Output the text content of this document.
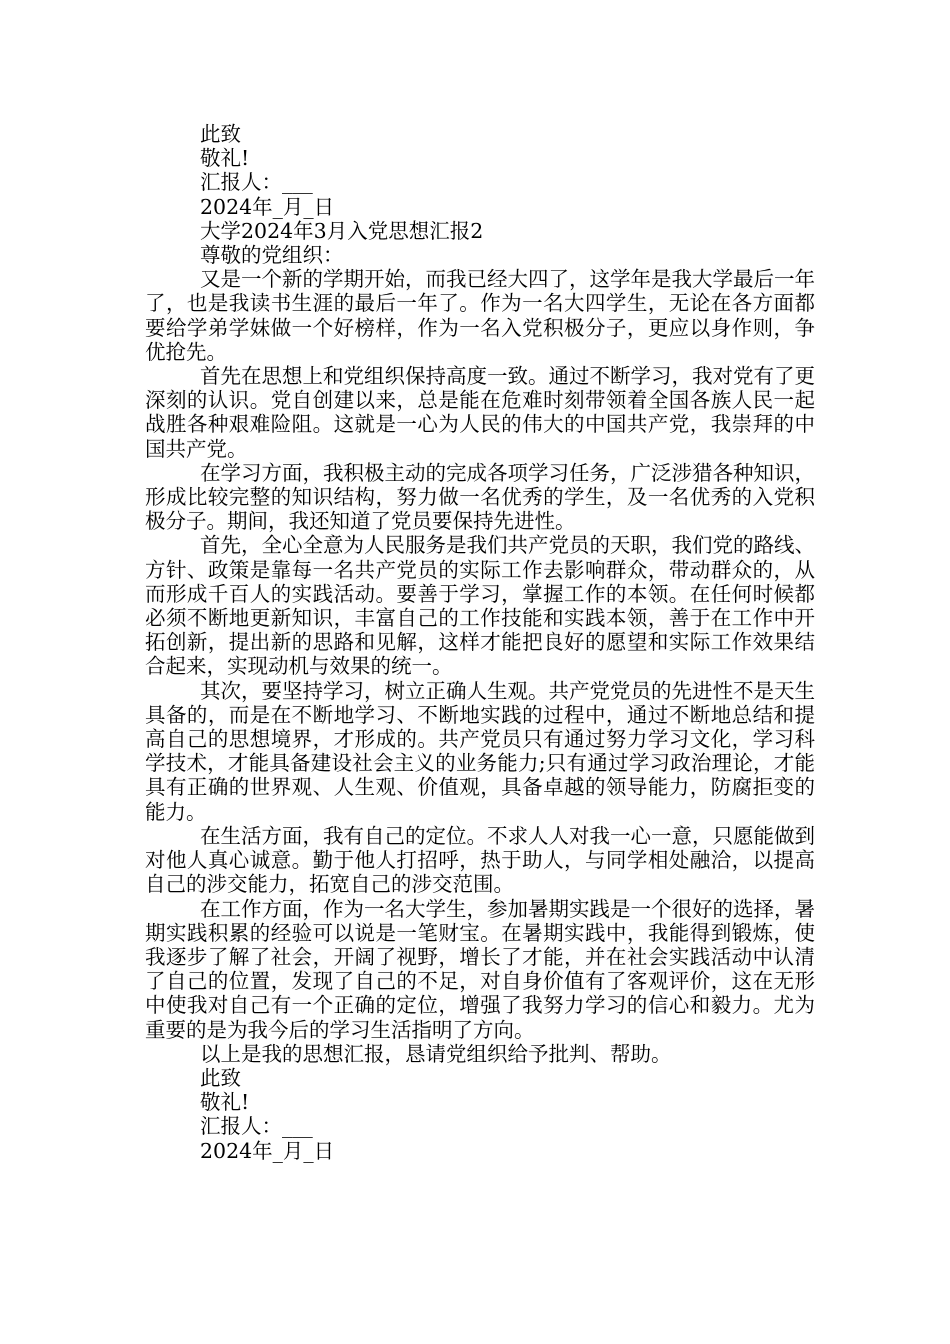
此致

敬礼!

汇报人：___

2024年_月_日

大学2024年3月入党思想汇报2

尊敬的党组织：

又是一个新的学期开始，而我已经大四了，这学年是我大学最后一年了，也是我读书生涯的最后一年了。作为一名大四学生，无论在各方面都要给学弟学妹做一个好榜样，作为一名入党积极分子，更应以身作则，争优抢先。

首先在思想上和党组织保持高度一致。通过不断学习，我对党有了更深刻的认识。党自创建以来，总是能在危难时刻带领着全国各族人民一起战胜各种艰难险阻。这就是一心为人民的伟大的中国共产党，我崇拜的中国共产党。

在学习方面，我积极主动的完成各项学习任务，广泛涉猎各种知识，形成比较完整的知识结构，努力做一名优秀的学生，及一名优秀的入党积极分子。期间，我还知道了党员要保持先进性。

首先，全心全意为人民服务是我们共产党员的天职，我们党的路线、方针、政策是靠每一名共产党员的实际工作去影响群众，带动群众的，从而形成千百人的实践活动。要善于学习，掌握工作的本领。在任何时候都必须不断地更新知识，丰富自己的工作技能和实践本领，善于在工作中开拓创新，提出新的思路和见解，这样才能把良好的愿望和实际工作效果结合起来，实现动机与效果的统一。

其次，要坚持学习，树立正确人生观。共产党党员的先进性不是天生具备的，而是在不断地学习、不断地实践的过程中，通过不断地总结和提高自己的思想境界，才形成的。共产党员只有通过努力学习文化，学习科学技术，才能具备建设社会主义的业务能力;只有通过学习政治理论，才能具有正确的世界观、人生观、价值观，具备卓越的领导能力，防腐拒变的能力。

在生活方面，我有自己的定位。不求人人对我一心一意，只愿能做到对他人真心诚意。勤于他人打招呼，热于助人，与同学相处融洽，以提高自己的涉交能力，拓宽自己的涉交范围。

在工作方面，作为一名大学生，参加暑期实践是一个很好的选择，暑期实践积累的经验可以说是一笔财宝。在暑期实践中，我能得到锻炼，使我逐步了解了社会，开阔了视野，增长了才能，并在社会实践活动中认清了自己的位置，发现了自己的不足，对自身价值有了客观评价，这在无形中使我对自己有一个正确的定位，增强了我努力学习的信心和毅力。尤为重要的是为我今后的学习生活指明了方向。

以上是我的思想汇报，恳请党组织给予批判、帮助。

此致

敬礼!

汇报人：___

2024年_月_日
